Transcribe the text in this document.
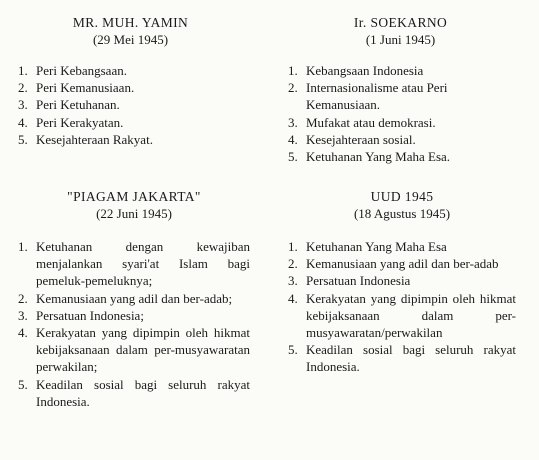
MR. MUH. YAMIN
(29 Mei 1945)
1. Peri Kebangsaan.
2. Peri Kemanusiaan.
3. Peri Ketuhanan.
4. Peri Kerakyatan.
5. Kesejahteraan Rakyat.
Ir. SOEKARNO
(1 Juni 1945)
1. Kebangsaan Indonesia
2. Internasionalisme atau Peri Kemanusiaan.
3. Mufakat atau demokrasi.
4. Kesejahteraan sosial.
5. Ketuhanan Yang Maha Esa.
"PIAGAM JAKARTA"
(22 Juni 1945)
1. Ketuhanan dengan kewajiban menjalankan syari'at Islam bagi pemeluk-pemeluknya;
2. Kemanusiaan yang adil dan ber-adab;
3. Persatuan Indonesia;
4. Kerakyatan yang dipimpin oleh hikmat kebijaksanaan dalam per-musyawaratan perwakilan;
5. Keadilan sosial bagi seluruh rakyat Indonesia.
UUD 1945
(18 Agustus 1945)
1. Ketuhanan Yang Maha Esa
2. Kemanusiaan yang adil dan ber-adab
3. Persatuan Indonesia
4. Kerakyatan yang dipimpin oleh hikmat kebijaksanaan dalam per-musyawaratan/perwakilan
5. Keadilan sosial bagi seluruh rakyat Indonesia.
